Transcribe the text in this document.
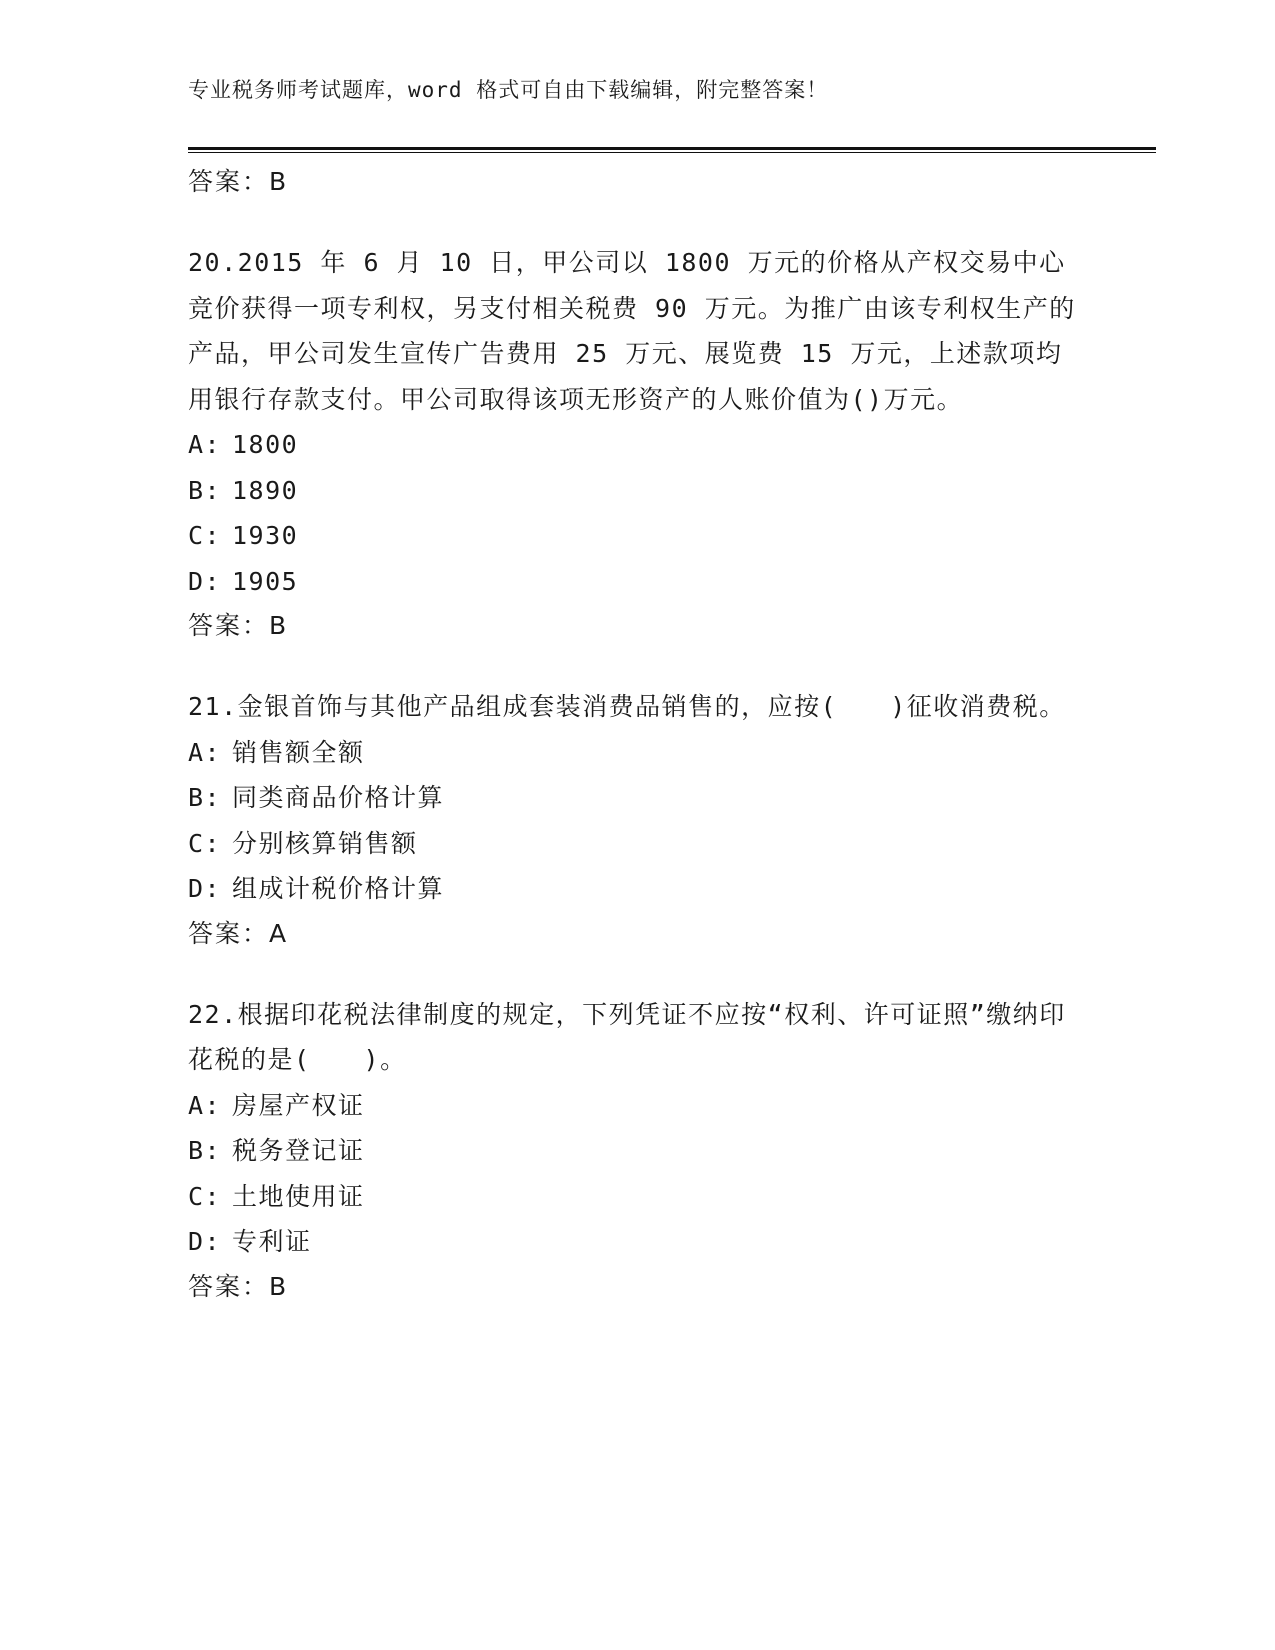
专业税务师考试题库，word 格式可自由下载编辑，附完整答案！
答案：B
20.2015 年 6 月 10 日，甲公司以 1800 万元的价格从产权交易中心竞价获得一项专利权，另支付相关税费 90 万元。为推广由该专利权生产的产品，甲公司发生宣传广告费用 25 万元、展览费 15 万元，上述款项均用银行存款支付。甲公司取得该项无形资产的人账价值为()万元。
A: 1800
B: 1890
C: 1930
D: 1905
答案：B
21.金银首饰与其他产品组成套装消费品销售的，应按(　　)征收消费税。
A: 销售额全额
B: 同类商品价格计算
C: 分别核算销售额
D: 组成计税价格计算
答案：A
22.根据印花税法律制度的规定，下列凭证不应按“权利、许可证照”缴纳印花税的是(　　)。
A: 房屋产权证
B: 税务登记证
C: 土地使用证
D: 专利证
答案：B
